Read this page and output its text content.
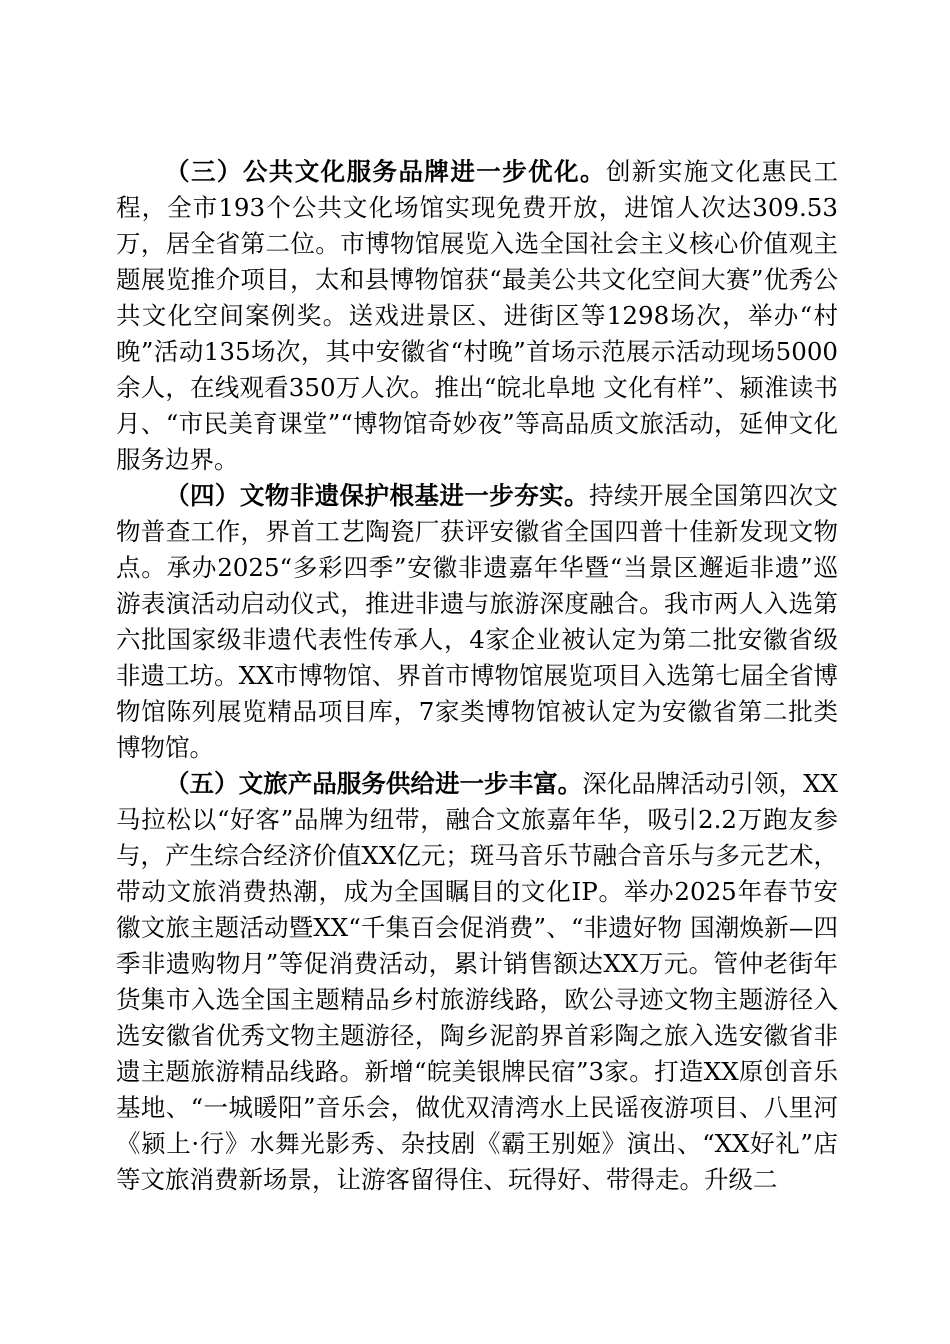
（三）公共文化服务品牌进一步优化。创新实施文化惠民工程，全市193个公共文化场馆实现免费开放，进馆人次达309.53万，居全省第二位。市博物馆展览入选全国社会主义核心价值观主题展览推介项目，太和县博物馆获“最美公共文化空间大赛”优秀公共文化空间案例奖。送戏进景区、进街区等1298场次，举办“村晚”活动135场次，其中安徽省“村晚”首场示范展示活动现场5000余人，在线观看350万人次。推出“皖北阜地 文化有样”、颍淮读书月、“市民美育课堂”“博物馆奇妙夜”等高品质文旅活动，延伸文化服务边界。

（四）文物非遗保护根基进一步夯实。持续开展全国第四次文物普查工作，界首工艺陶瓷厂获评安徽省全国四普十佳新发现文物点。承办2025“多彩四季”安徽非遗嘉年华暨“当景区邂逅非遗”巡游表演活动启动仪式，推进非遗与旅游深度融合。我市两人入选第六批国家级非遗代表性传承人，4家企业被认定为第二批安徽省级非遗工坊。XX市博物馆、界首市博物馆展览项目入选第七届全省博物馆陈列展览精品项目库，7家类博物馆被认定为安徽省第二批类博物馆。

（五）文旅产品服务供给进一步丰富。深化品牌活动引领，XX马拉松以“好客”品牌为纽带，融合文旅嘉年华，吸引2.2万跑友参与，产生综合经济价值XX亿元；斑马音乐节融合音乐与多元艺术，带动文旅消费热潮，成为全国瞩目的文化IP。举办2025年春节安徽文旅主题活动暨XX“千集百会促消费”、“非遗好物 国潮焕新—四季非遗购物月”等促消费活动，累计销售额达XX万元。管仲老街年货集市入选全国主题精品乡村旅游线路，欧公寻迹文物主题游径入选安徽省优秀文物主题游径，陶乡泥韵界首彩陶之旅入选安徽省非遗主题旅游精品线路。新增“皖美银牌民宿”3家。打造XX原创音乐基地、“一城暖阳”音乐会，做优双清湾水上民谣夜游项目、八里河《颍上·行》水舞光影秀、杂技剧《霸王别姬》演出、“XX好礼”店等文旅消费新场景，让游客留得住、玩得好、带得走。升级二
